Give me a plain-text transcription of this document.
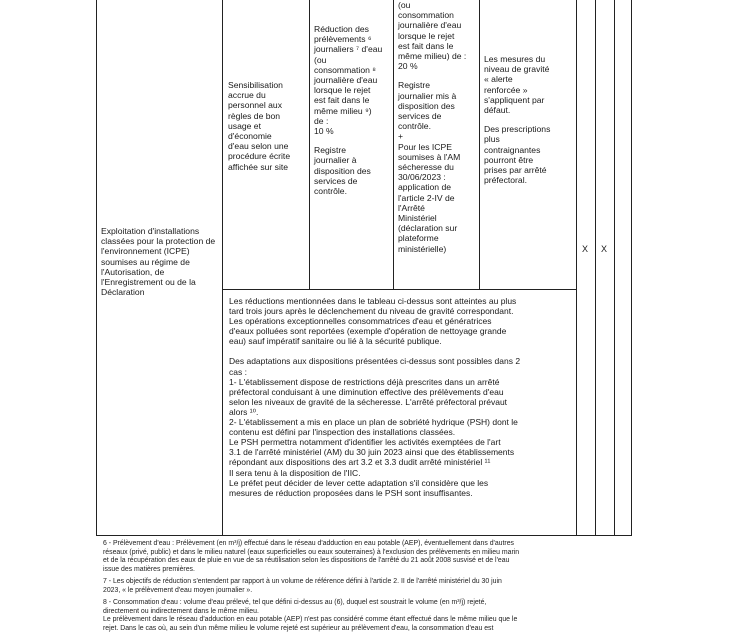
Exploitation d'installations classées pour la protection de l'environnement (ICPE) soumises au régime de l'Autorisation, de l'Enregistrement ou de la Déclaration
Sensibilisation
accrue du
personnel aux
règles de bon
usage et
d'économie
d'eau selon une
procédure écrite
affichée sur site

Réduction des
prélèvements ⁶
journaliers ⁷ d'eau
(ou
consommation ⁸
journalière d'eau
lorsque le rejet
est fait dans le
même milieu ⁹)
de :
10 %

Registre
journalier à
disposition des
services de
contrôle.

(ou
consommation
journalière d'eau
lorsque le rejet
est fait dans le
même milieu) de :
20 %

Registre
journalier mis à
disposition des
services de
contrôle.
+
Pour les ICPE
soumises à l'AM
sécheresse du
30/06/2023 :
application de
l'article 2-IV de
l'Arrêté
Ministériel
(déclaration sur
plateforme
ministérielle)

Les mesures du
niveau de gravité
« alerte
renforcée »
s'appliquent par
défaut.

Des prescriptions
plus
contraignantes
pourront être
prises par arrêté
préfectoral.

X X

Les réductions mentionnées dans le tableau ci-dessus sont atteintes au plus
tard trois jours après le déclenchement du niveau de gravité correspondant.
Les opérations exceptionnelles consommatrices d'eau et génératrices
d'eaux polluées sont reportées (exemple d'opération de nettoyage grande
eau) sauf impératif sanitaire ou lié à la sécurité publique.

Des adaptations aux dispositions présentées ci-dessus sont possibles dans 2
cas :
1- L'établissement dispose de restrictions déjà prescrites dans un arrêté
préfectoral conduisant à une diminution effective des prélèvements d'eau
selon les niveaux de gravité de la sécheresse. L'arrêté préfectoral prévaut
alors ¹⁰.
2- L'établissement a mis en place un plan de sobriété hydrique (PSH) dont le
contenu est défini par l'inspection des installations classées.
Le PSH permettra notamment d'identifier les activités exemptées de l'art
3.1 de l'arrêté ministériel (AM) du 30 juin 2023 ainsi que des établissements
répondant aux dispositions des art 3.2 et 3.3 dudit arrêté ministériel ¹¹
Il sera tenu à la disposition de l'IIC.
Le préfet peut décider de lever cette adaptation s'il considère que les
mesures de réduction proposées dans le PSH sont insuffisantes.

6 - Prélèvement d'eau : Prélèvement (en m³/j) effectué dans le réseau d'adduction en eau potable (AEP), éventuellement dans d'autres
réseaux (privé, public) et dans le milieu naturel (eaux superficielles ou eaux souterraines) à l'exclusion des prélèvements en milieu marin
et de la récupération des eaux de pluie en vue de sa réutilisation selon les dispositions de l'arrêté du 21 août 2008 susvisé et de l'eau
issue des matières premières.
7 - Les objectifs de réduction s'entendent par rapport à un volume de référence défini à l'article 2. II de l'arrêté ministériel du 30 juin
2023, « le prélèvement d'eau moyen journalier ».
8 - Consommation d'eau : volume d'eau prélevé, tel que défini ci-dessus au (6), duquel est soustrait le volume (en m³/j) rejeté,
directement ou indirectement dans le même milieu.
Le prélèvement dans le réseau d'adduction en eau potable (AEP) n'est pas considéré comme étant effectué dans le même milieu que le
rejet. Dans le cas où, au sein d'un même milieu le volume rejeté est supérieur au prélèvement d'eau, la consommation d'eau est
